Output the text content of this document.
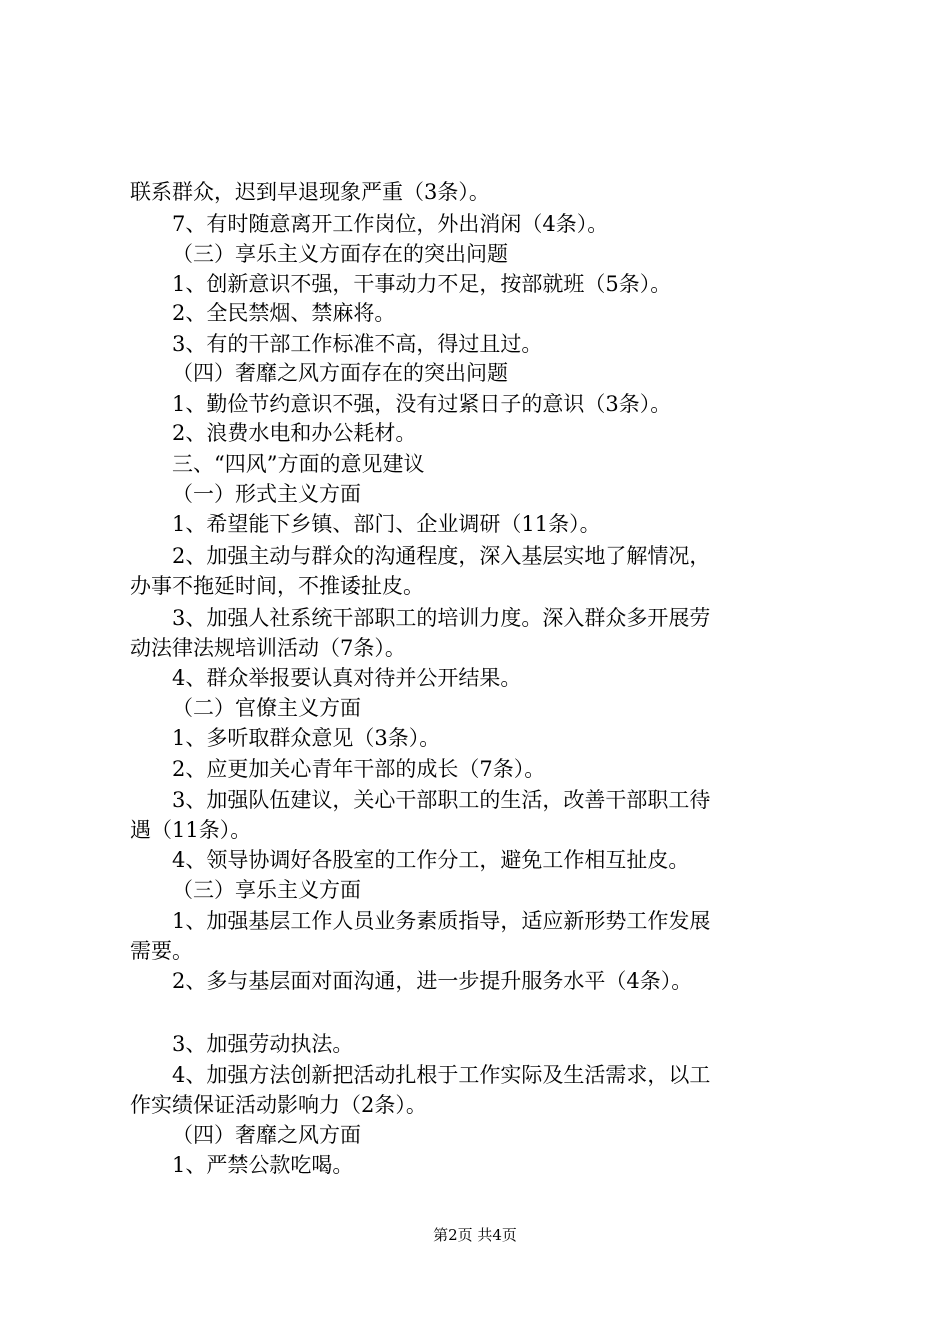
联系群众，迟到早退现象严重（3条）。
7、有时随意离开工作岗位，外出消闲（4条）。
（三）享乐主义方面存在的突出问题
1、创新意识不强，干事动力不足，按部就班（5条）。
2、全民禁烟、禁麻将。
3、有的干部工作标准不高，得过且过。
（四）奢靡之风方面存在的突出问题
1、勤俭节约意识不强，没有过紧日子的意识（3条）。
2、浪费水电和办公耗材。
三、“四风”方面的意见建议
（一）形式主义方面
1、希望能下乡镇、部门、企业调研（11条）。
2、加强主动与群众的沟通程度，深入基层实地了解情况，
办事不拖延时间，不推诿扯皮。
3、加强人社系统干部职工的培训力度。深入群众多开展劳
动法律法规培训活动（7条）。
4、群众举报要认真对待并公开结果。
（二）官僚主义方面
1、多听取群众意见（3条）。
2、应更加关心青年干部的成长（7条）。
3、加强队伍建议，关心干部职工的生活，改善干部职工待
遇（11条）。
4、领导协调好各股室的工作分工，避免工作相互扯皮。
（三）享乐主义方面
1、加强基层工作人员业务素质指导，适应新形势工作发展
需要。
2、多与基层面对面沟通，进一步提升服务水平（4条）。
3、加强劳动执法。
4、加强方法创新把活动扎根于工作实际及生活需求，以工
作实绩保证活动影响力（2条）。
（四）奢靡之风方面
1、严禁公款吃喝。
第2页 共4页
